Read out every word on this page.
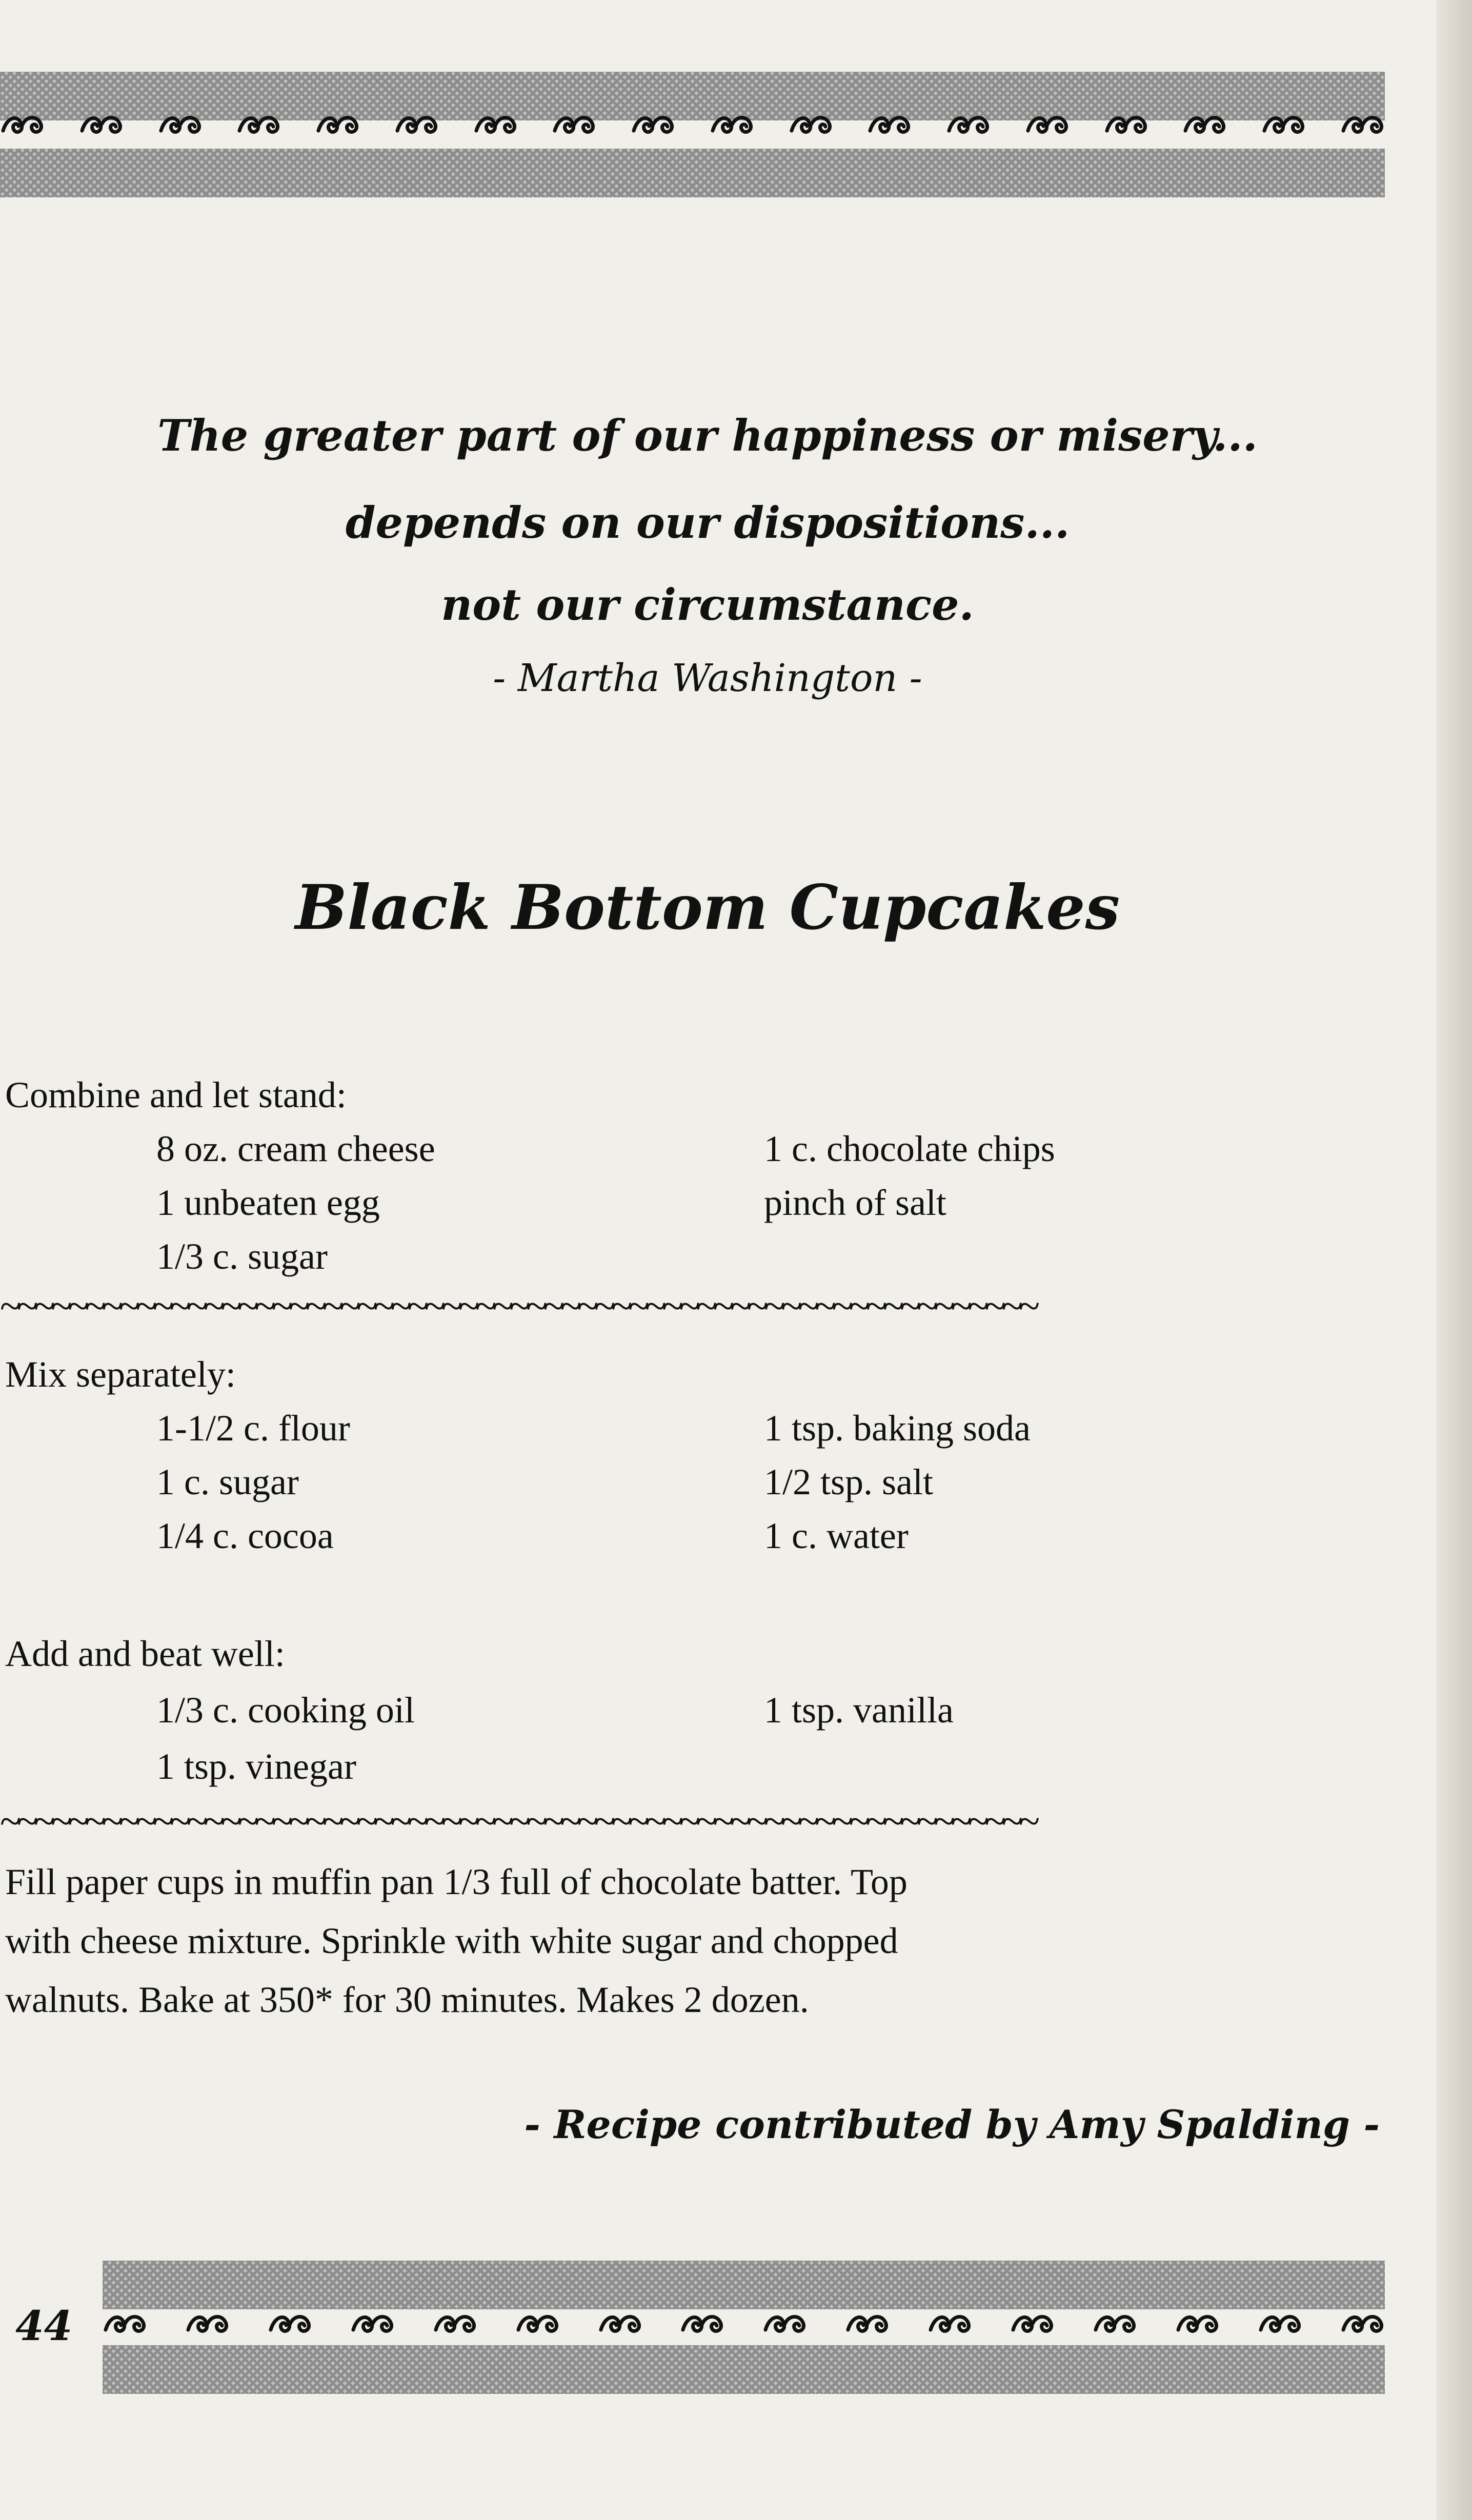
The greater part of our happiness or misery...
depends on our dispositions...
not our circumstance.
- Martha Washington -
Black Bottom Cupcakes
Combine and let stand:
8 oz. cream cheese
1 unbeaten egg
1/3 c. sugar
1 c. chocolate chips
pinch of salt
~~~~~~~~~~~~~~~~~~~~~~~~~~~~~~~~~~~~~~~~~~~~~~~~~~~~~~~~~~~~~
Mix separately:
1-1/2 c. flour
1 c. sugar
1/4 c. cocoa
1 tsp. baking soda
1/2 tsp. salt
1 c. water
Add and beat well:
1/3 c. cooking oil
1 tsp. vinegar
1 tsp. vanilla
~~~~~~~~~~~~~~~~~~~~~~~~~~~~~~~~~~~~~~~~~~~~~~~~~~~~~~~~~~~~~
Fill paper cups in muffin pan 1/3 full of chocolate batter. Top
with cheese mixture. Sprinkle with white sugar and chopped
walnuts. Bake at 350* for 30 minutes. Makes 2 dozen.
- Recipe contributed by Amy Spalding -
44
